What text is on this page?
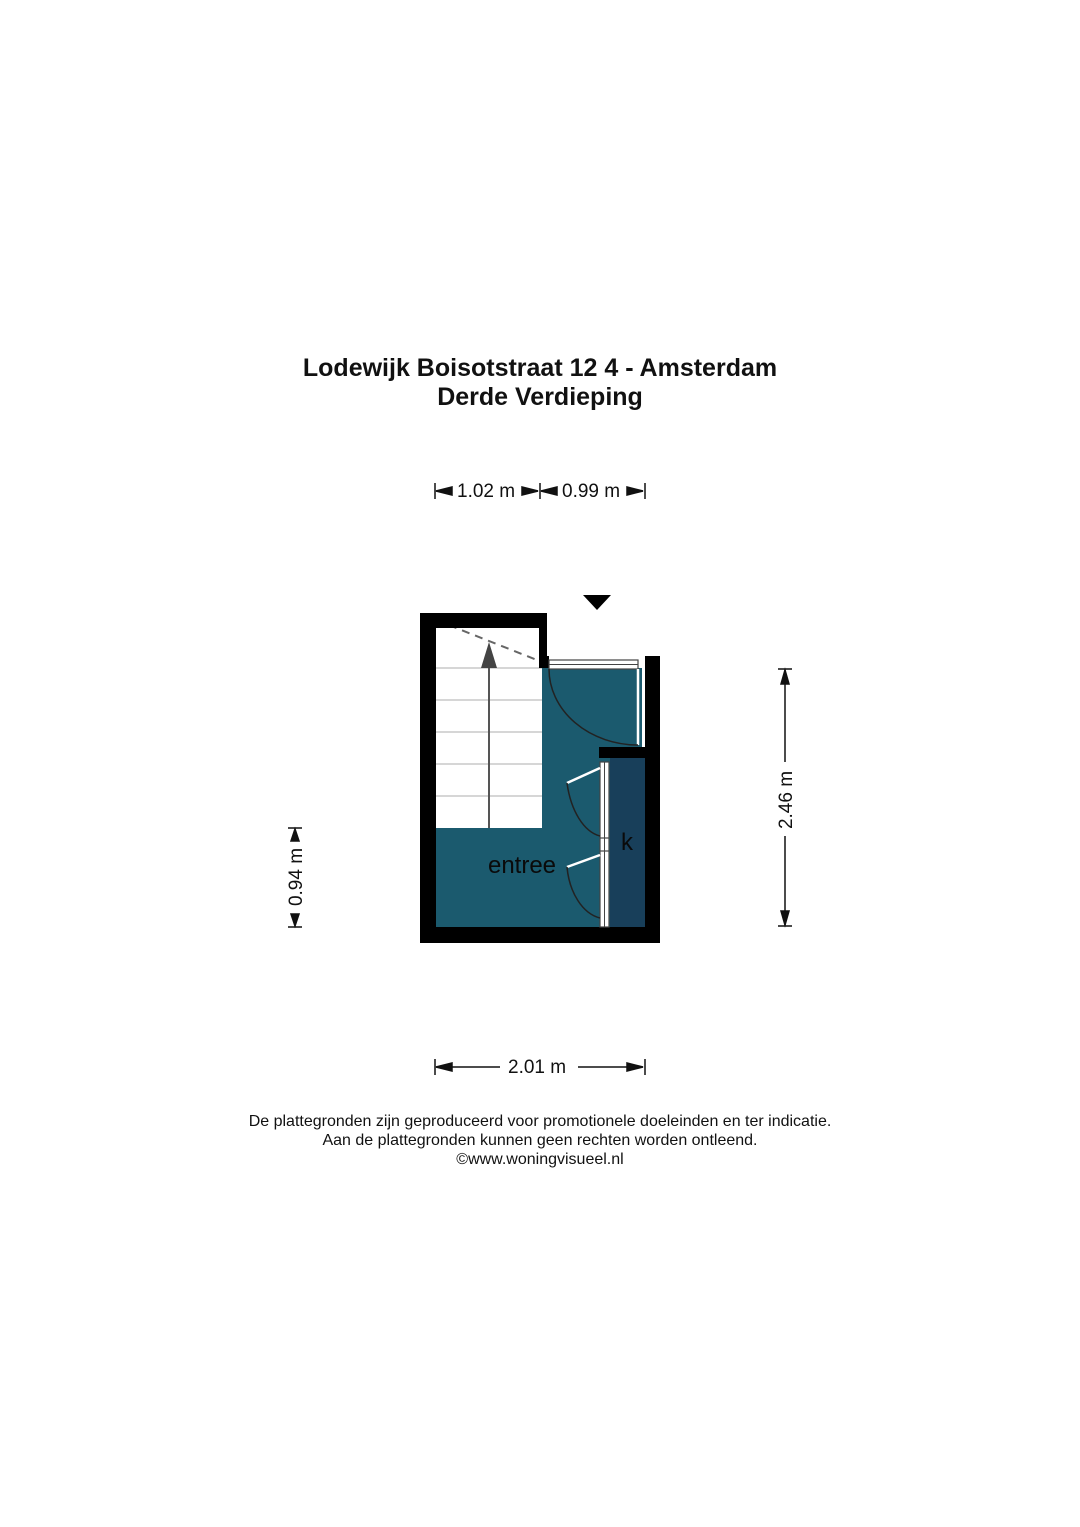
Lodewijk Boisotstraat 12 4 - Amsterdam
Derde Verdieping
entree
k
2.46 m
0.94 m
1.02 m 0.99 m
2.01 m
De plattegronden zijn geproduceerd voor promotionele doeleinden en ter indicatie.
Aan de plattegronden kunnen geen rechten worden ontleend.
©www.woningvisueel.nl
